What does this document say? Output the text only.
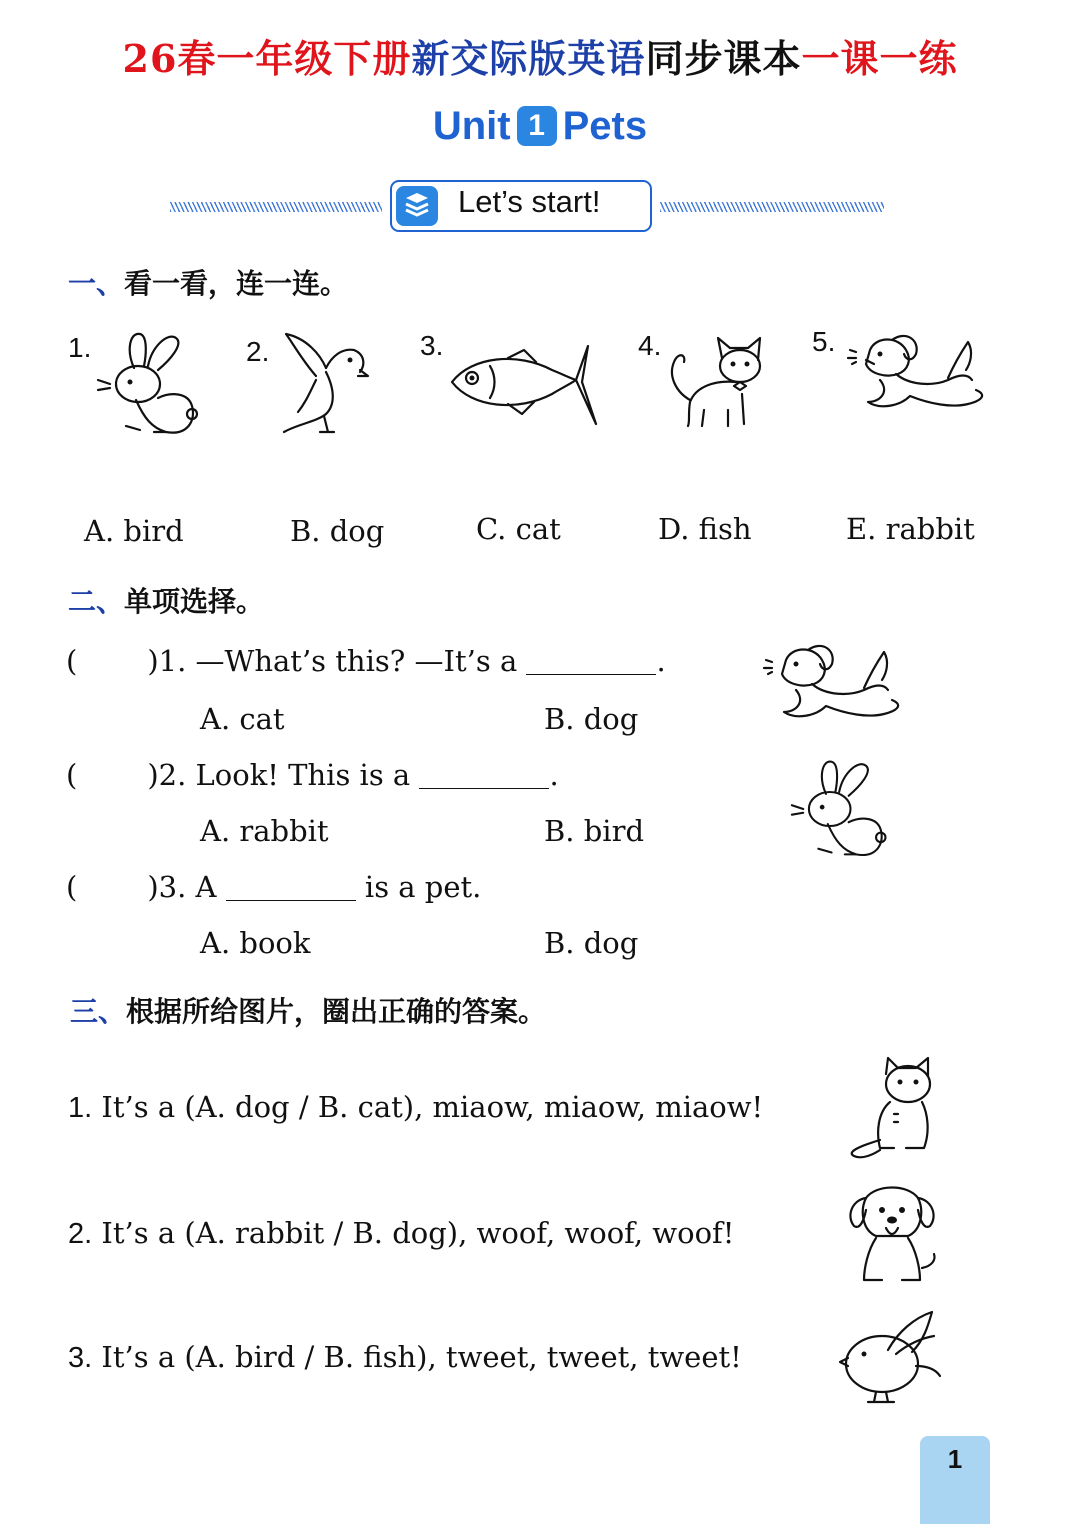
26春一年级下册新交际版英语同步课本一课一练
Unit 1 Pets
Let’s start!
一、看一看，连一连。
1.	2.	3.	4.	5.
A. bird	B. dog	C. cat	D. fish	E. rabbit
二、单项选择。
( )1. —What’s this? —It’s a	.
A. cat	B. dog
( )2. Look! This is a	.
A. rabbit	B. bird
( )3. A	is a pet.
A. book	B. dog
三、根据所给图片，圈出正确的答案。
1. It’s a (A. dog / B. cat), miaow, miaow, miaow!
2. It’s a (A. rabbit / B. dog), woof, woof, woof!
3. It’s a (A. bird / B. fish), tweet, tweet, tweet!
1
